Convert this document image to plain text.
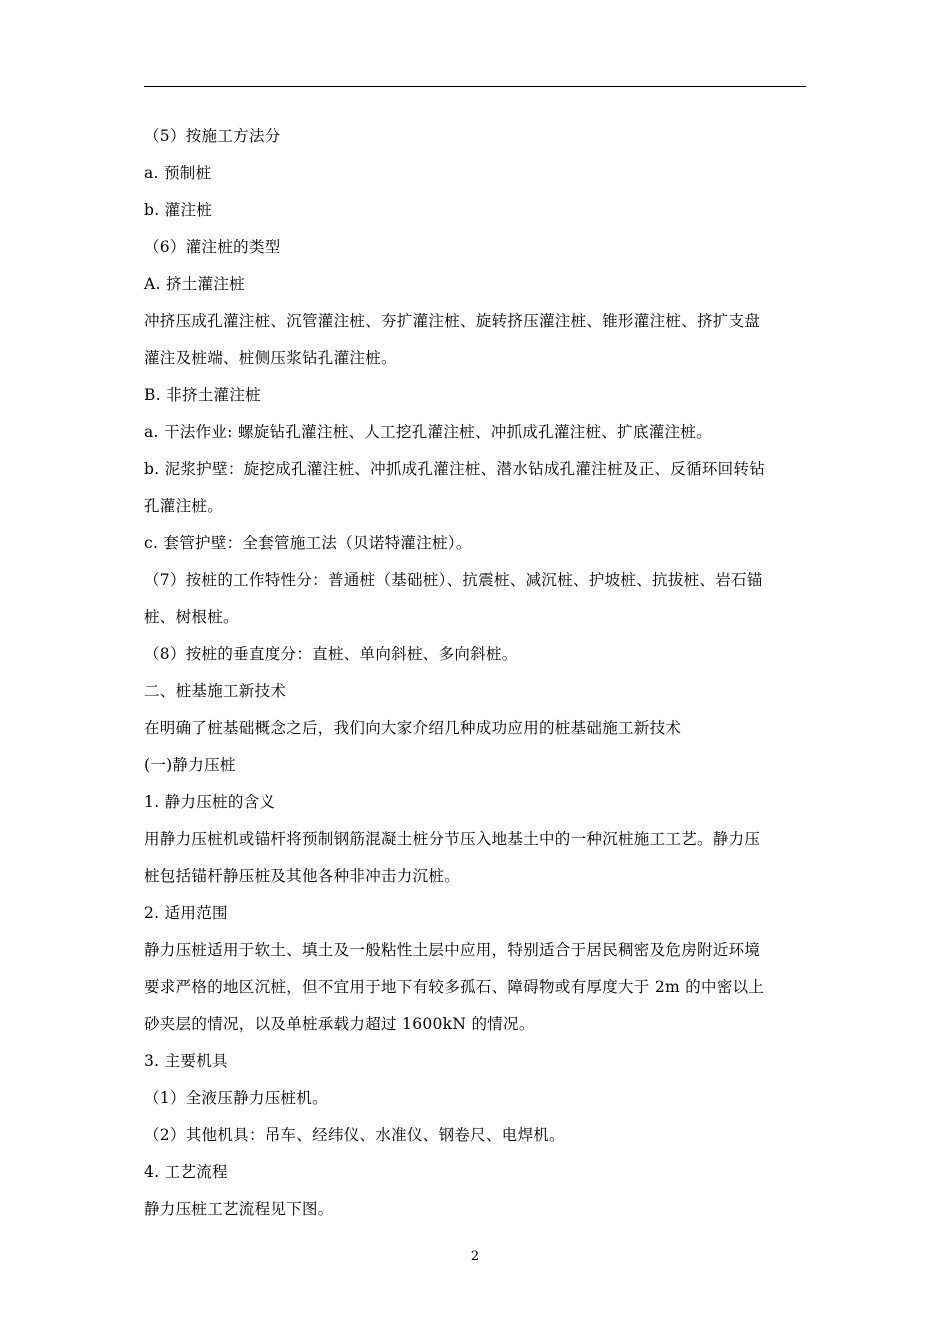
（5）按施工方法分
a. 预制桩
b. 灌注桩
（6）灌注桩的类型
A. 挤土灌注桩
冲挤压成孔灌注桩、沉管灌注桩、夯扩灌注桩、旋转挤压灌注桩、锥形灌注桩、挤扩支盘
灌注及桩端、桩侧压浆钻孔灌注桩。
B. 非挤土灌注桩
a. 干法作业: 螺旋钻孔灌注桩、人工挖孔灌注桩、冲抓成孔灌注桩、扩底灌注桩。
b. 泥浆护壁：旋挖成孔灌注桩、冲抓成孔灌注桩、潜水钻成孔灌注桩及正、反循环回转钻
孔灌注桩。
c. 套管护壁：全套管施工法（贝诺特灌注桩）。
（7）按桩的工作特性分：普通桩（基础桩）、抗震桩、减沉桩、护坡桩、抗拔桩、岩石锚
桩、树根桩。
（8）按桩的垂直度分：直桩、单向斜桩、多向斜桩。
二、桩基施工新技术
在明确了桩基础概念之后，我们向大家介绍几种成功应用的桩基础施工新技术
(一)静力压桩
1. 静力压桩的含义
用静力压桩机或锚杆将预制钢筋混凝土桩分节压入地基土中的一种沉桩施工工艺。静力压
桩包括锚杆静压桩及其他各种非冲击力沉桩。
2. 适用范围
静力压桩适用于软土、填土及一般粘性土层中应用，特别适合于居民稠密及危房附近环境
要求严格的地区沉桩，但不宜用于地下有较多孤石、障碍物或有厚度大于 2m 的中密以上
砂夹层的情况，以及单桩承载力超过 1600kN 的情况。
3. 主要机具
（1）全液压静力压桩机。
（2）其他机具：吊车、经纬仪、水准仪、钢卷尺、电焊机。
4. 工艺流程
静力压桩工艺流程见下图。
2
